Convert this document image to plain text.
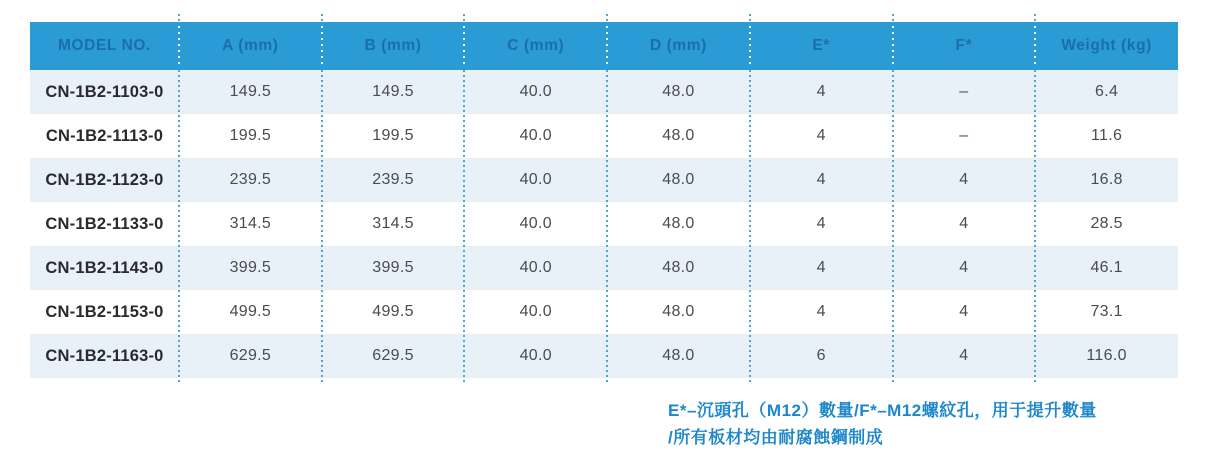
MODEL NO.	A (mm)	B (mm)	C (mm)	D (mm)	E*	F*	Weight (kg)
CN-1B2-1103-0	149.5	149.5	40.0	48.0	4	–	6.4
CN-1B2-1113-0	199.5	199.5	40.0	48.0	4	–	11.6
CN-1B2-1123-0	239.5	239.5	40.0	48.0	4	4	16.8
CN-1B2-1133-0	314.5	314.5	40.0	48.0	4	4	28.5
CN-1B2-1143-0	399.5	399.5	40.0	48.0	4	4	46.1
CN-1B2-1153-0	499.5	499.5	40.0	48.0	4	4	73.1
CN-1B2-1163-0	629.5	629.5	40.0	48.0	6	4	116.0
E*–沉頭孔（M12）數量/F*–M12螺紋孔，用于提升數量
/所有板材均由耐腐蝕鋼制成
